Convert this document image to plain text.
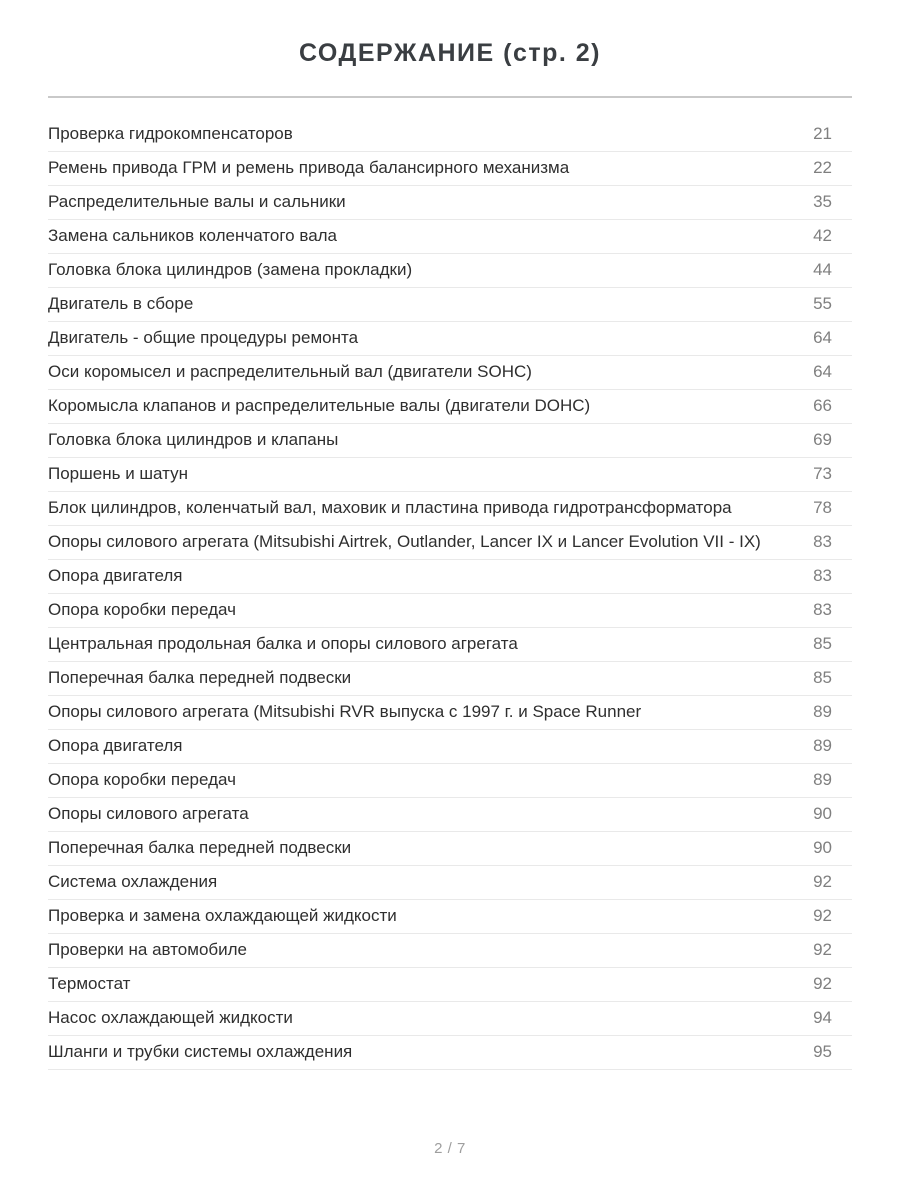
СОДЕРЖАНИЕ (стр. 2)
Проверка гидрокомпенсаторов	21
Ремень привода ГРМ и ремень привода балансирного механизма	22
Распределительные валы и сальники	35
Замена сальников коленчатого вала	42
Головка блока цилиндров (замена прокладки)	44
Двигатель в сборе	55
Двигатель - общие процедуры ремонта	64
Оси коромысел и распределительный вал (двигатели SOHC)	64
Коромысла клапанов и распределительные валы (двигатели DOHC)	66
Головка блока цилиндров и клапаны	69
Поршень и шатун	73
Блок цилиндров, коленчатый вал, маховик и пластина привода гидротрансформатора	78
Опоры силового агрегата (Mitsubishi Airtrek, Outlander, Lancer IX и Lancer Evolution VII - IX)	83
Опора двигателя	83
Опора коробки передач	83
Центральная продольная балка и опоры силового агрегата	85
Поперечная балка передней подвески	85
Опоры силового агрегата (Mitsubishi RVR выпуска с 1997 г. и Space Runner	89
Опора двигателя	89
Опора коробки передач	89
Опоры силового агрегата	90
Поперечная балка передней подвески	90
Система охлаждения	92
Проверка и замена охлаждающей жидкости	92
Проверки на автомобиле	92
Термостат	92
Насос охлаждающей жидкости	94
Шланги и трубки системы охлаждения	95
2 / 7
